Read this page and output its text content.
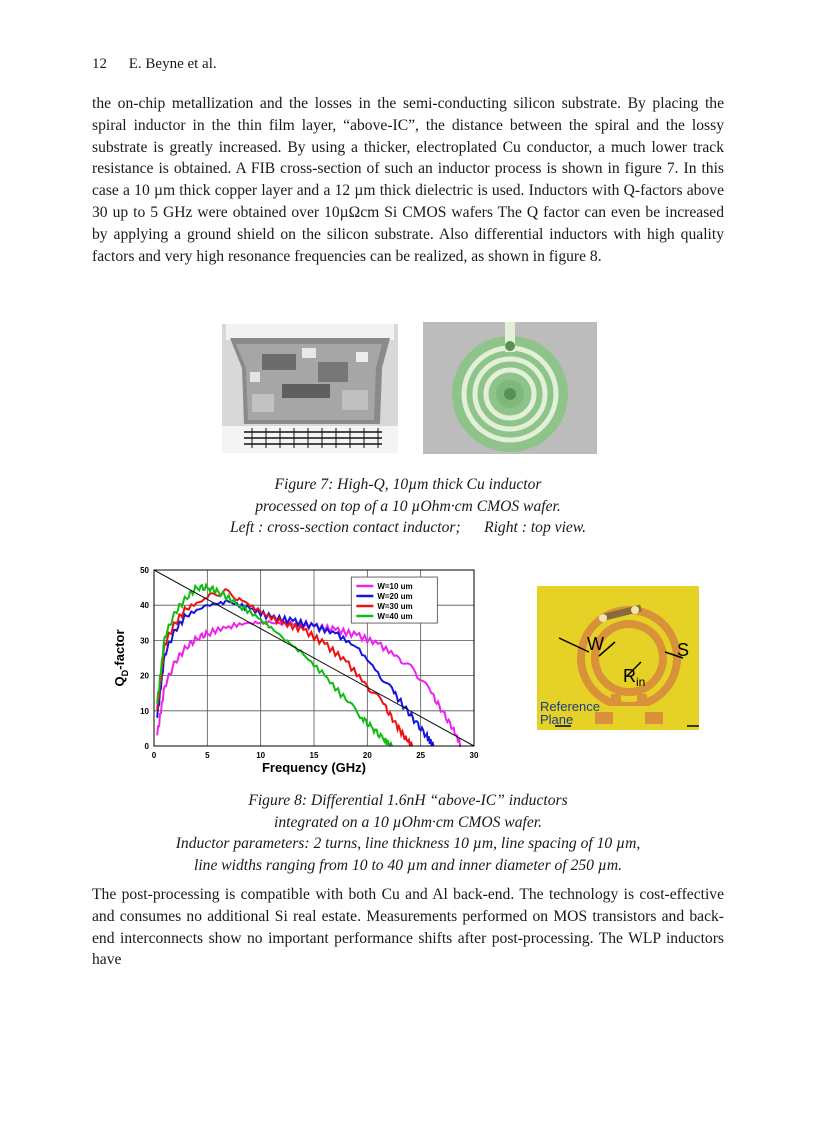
12 E. Beyne et al.

the on-chip metallization and the losses in the semi-conducting silicon substrate. By placing the spiral inductor in the thin film layer, “above-IC”, the distance between the spiral and the lossy substrate is greatly increased. By using a thicker, electroplated Cu conductor, a much lower track resistance is obtained. A FIB cross-section of such an inductor process is shown in figure 7. In this case a 10 µm thick copper layer and a 12 µm thick dielectric is used. Inductors with Q-factors above 30 up to 5 GHz were obtained over 10µΩcm Si CMOS wafers The Q factor can even be increased by applying a ground shield on the silicon substrate. Also differential inductors with high quality factors and very high resonance frequencies can be realized, as shown in figure 8.

Figure 7: High-Q, 10µm thick Cu inductor
processed on top of a 10 µOhm·cm CMOS wafer.
Left : cross-section contact inductor;      Right : top view.

0	5	10	15	20	25	30
0
10
20
30
40
50
W=10 um
W=20 um
W=30 um
W=40 um
Frequency (GHz)
$Q_D$-factor	W	S
$R_{in}$
Reference
Plane

Figure 8: Differential 1.6nH “above-IC” inductors
integrated on a 10 µOhm·cm CMOS wafer.
Inductor parameters: 2 turns, line thickness 10 µm, line spacing of 10 µm,
line widths ranging from 10 to 40 µm and inner diameter of 250 µm.

The post-processing is compatible with both Cu and Al back-end. The technology is cost-effective and consumes no additional Si real estate. Measurements performed on MOS transistors and back-end interconnects show no important performance shifts after post-processing. The WLP inductors have
